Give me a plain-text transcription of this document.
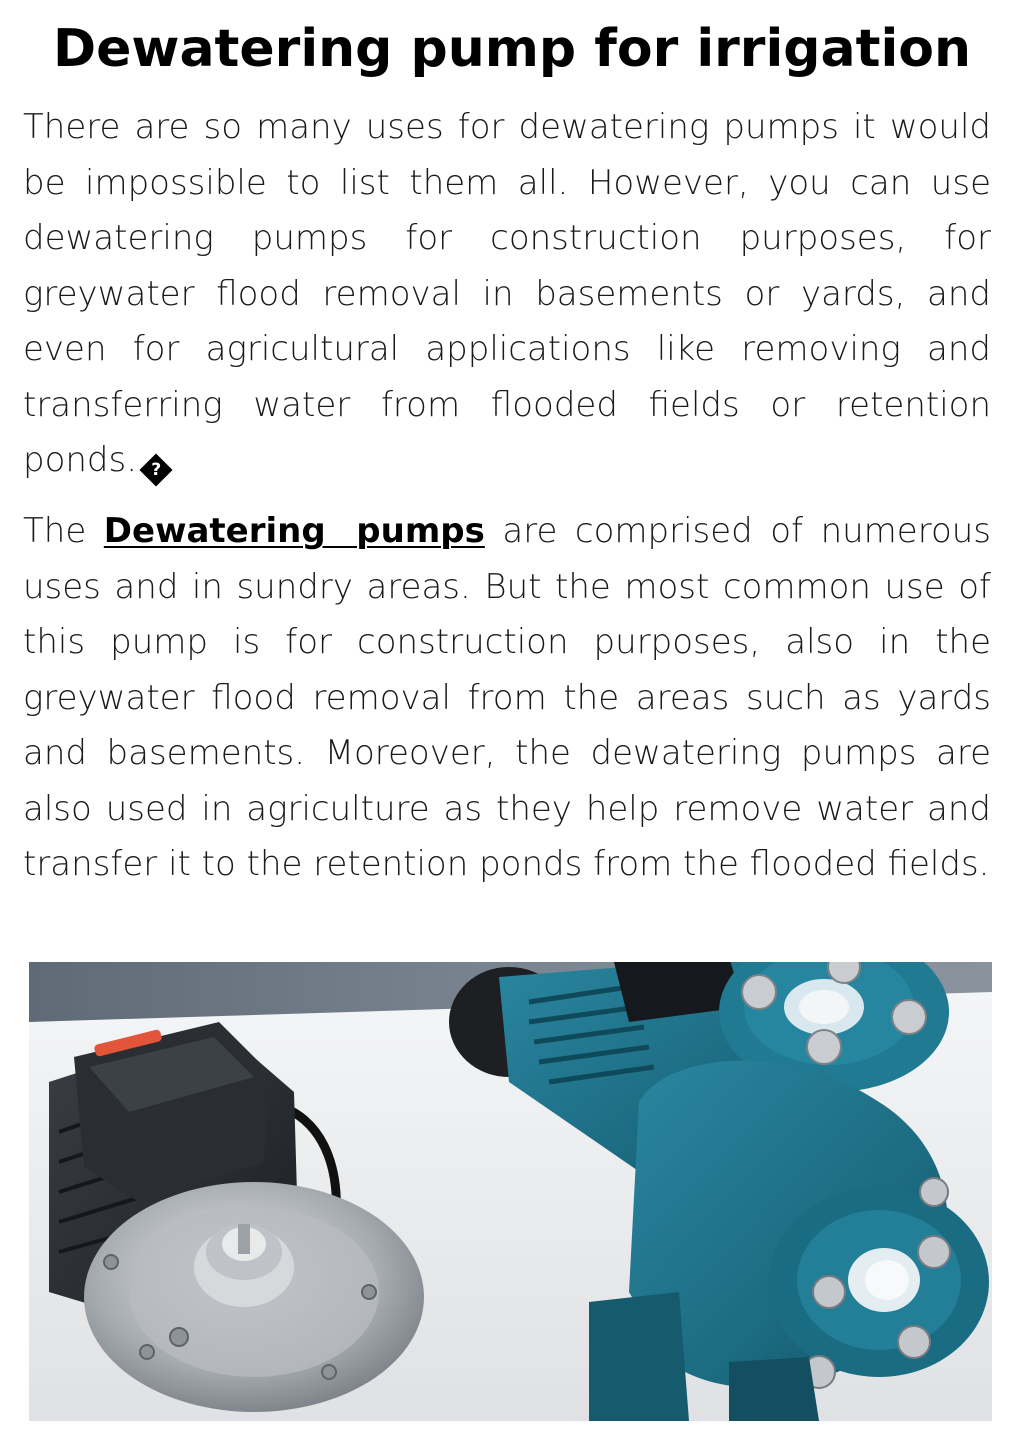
Dewatering pump for irrigation

There are so many uses for dewatering pumps it would be impossible to list them all. However, you can use dewatering pumps for construction purposes, for greywater flood removal in basements or yards, and even for agricultural applications like removing and transferring water from flooded fields or retention ponds. ?

The Dewatering pumps are comprised of numerous uses and in sundry areas. But the most common use of this pump is for construction purposes, also in the greywater flood removal from the areas such as yards and basements. Moreover, the dewatering pumps are also used in agriculture as they help remove water and transfer it to the retention ponds from the flooded fields.
